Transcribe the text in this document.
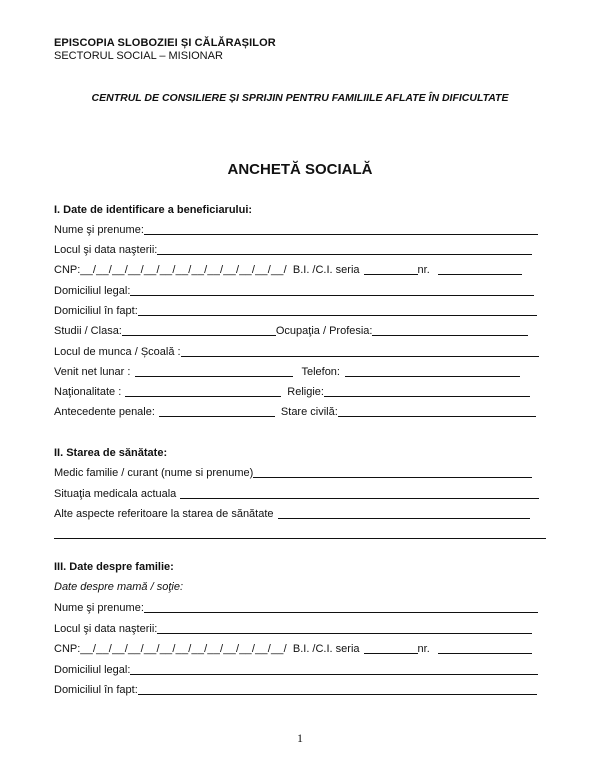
EPISCOPIA SLOBOZIEI ȘI CĂLĂRAȘILOR
SECTORUL SOCIAL – MISIONAR
CENTRUL DE CONSILIERE ȘI SPRIJIN PENTRU FAMILIILE AFLATE ÎN DIFICULTATE
ANCHETĂ SOCIALĂ
I. Date de identificare a beneficiarului:
Nume şi prenume:
Locul şi data naşterii:
CNP: __/__/__/__/__/__/__/__/__/__/__/__/__/ B.I. /C.I. seria	nr.
Domiciliul legal:
Domiciliul în fapt:
Studii / Clasa:	Ocupaţia / Profesia:
Locul de munca / Școală :
Venit net lunar :	Telefon:
Naţionalitate :	Religie:
Antecedente penale:	Stare civilă:
II. Starea de sănătate:
Medic familie / curant (nume si prenume)
Situaţia medicala actuala
Alte aspecte referitoare la starea de sănătate
III. Date despre familie:
Date despre mamă / soţie:
Nume şi prenume:
Locul şi data naşterii:
CNP: __/__/__/__/__/__/__/__/__/__/__/__/__/ B.I. /C.I. seria	nr.
Domiciliul legal:
Domiciliul în fapt:
1
